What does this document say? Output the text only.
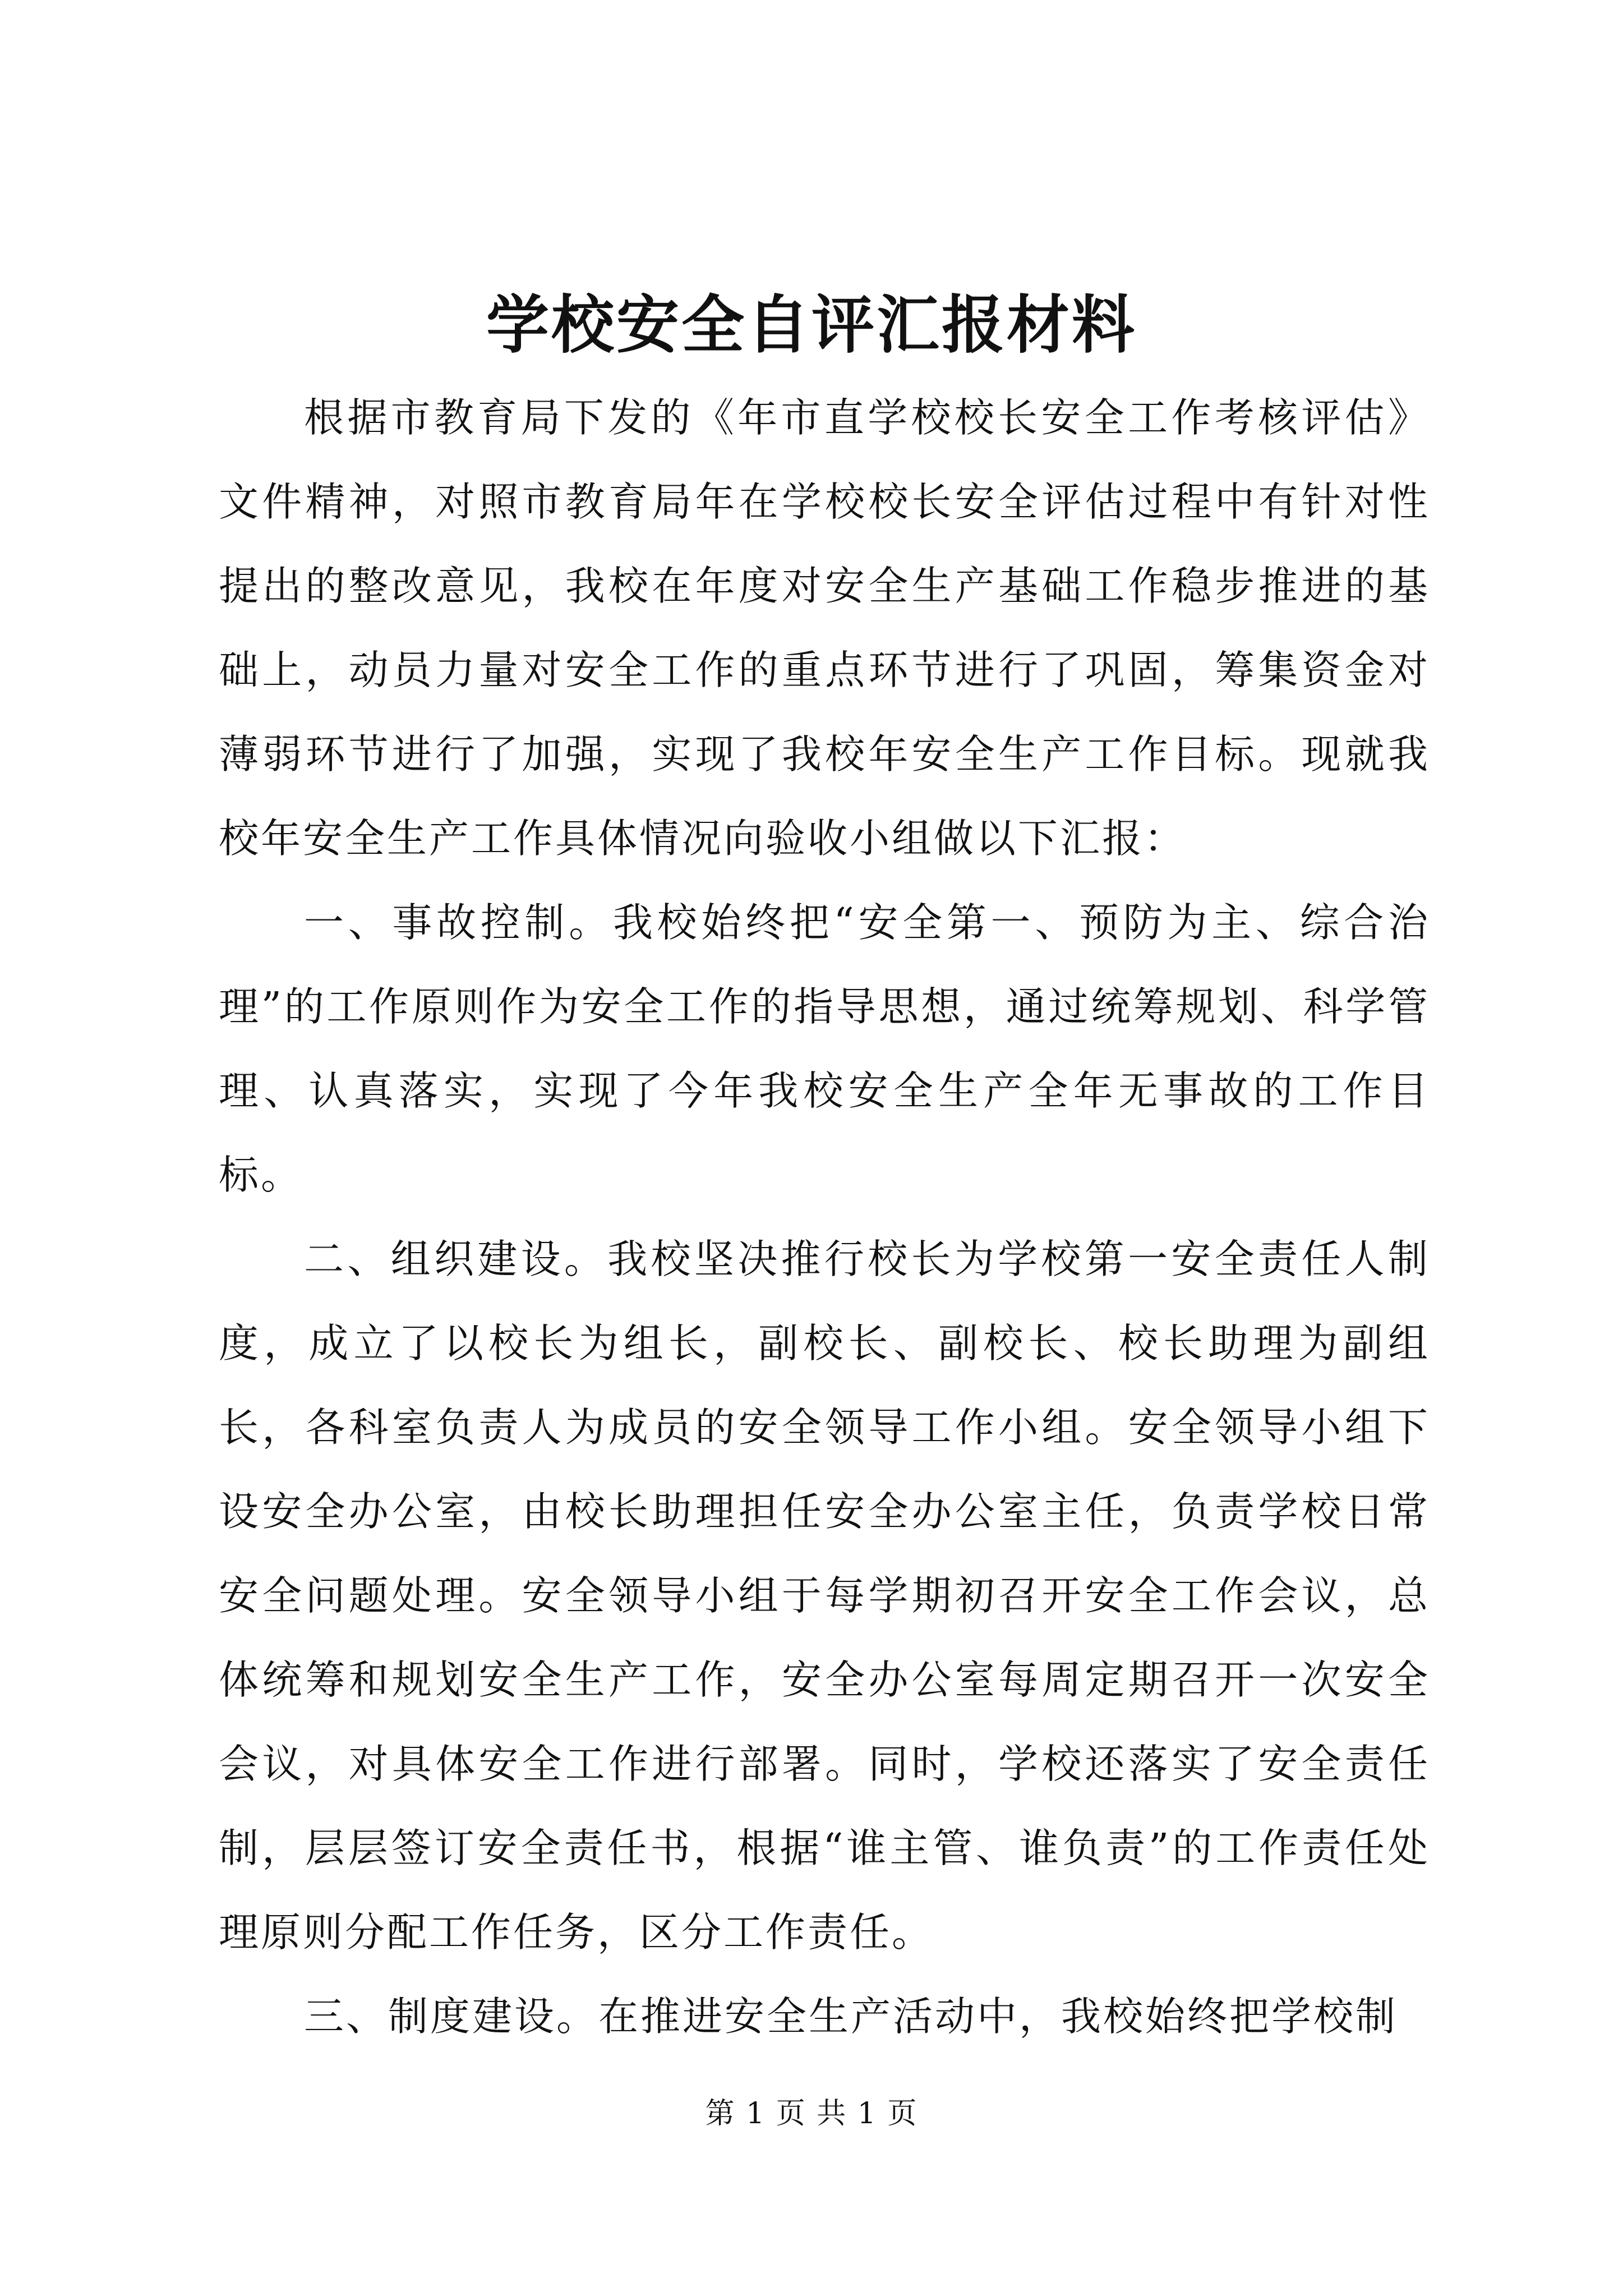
学校安全自评汇报材料

根据市教育局下发的《年市直学校校长安全工作考核评估》文件精神，对照市教育局年在学校校长安全评估过程中有针对性提出的整改意见，我校在年度对安全生产基础工作稳步推进的基础上，动员力量对安全工作的重点环节进行了巩固，筹集资金对薄弱环节进行了加强，实现了我校年安全生产工作目标。现就我校年安全生产工作具体情况向验收小组做以下汇报：

一、事故控制。我校始终把“安全第一、预防为主、综合治理”的工作原则作为安全工作的指导思想，通过统筹规划、科学管理、认真落实，实现了今年我校安全生产全年无事故的工作目标。

二、组织建设。我校坚决推行校长为学校第一安全责任人制度，成立了以校长为组长，副校长、副校长、校长助理为副组长，各科室负责人为成员的安全领导工作小组。安全领导小组下设安全办公室，由校长助理担任安全办公室主任，负责学校日常安全问题处理。安全领导小组于每学期初召开安全工作会议，总体统筹和规划安全生产工作，安全办公室每周定期召开一次安全会议，对具体安全工作进行部署。同时，学校还落实了安全责任制，层层签订安全责任书，根据“谁主管、谁负责”的工作责任处理原则分配工作任务，区分工作责任。

三、制度建设。在推进安全生产活动中，我校始终把学校制

第 1 页 共 1 页
